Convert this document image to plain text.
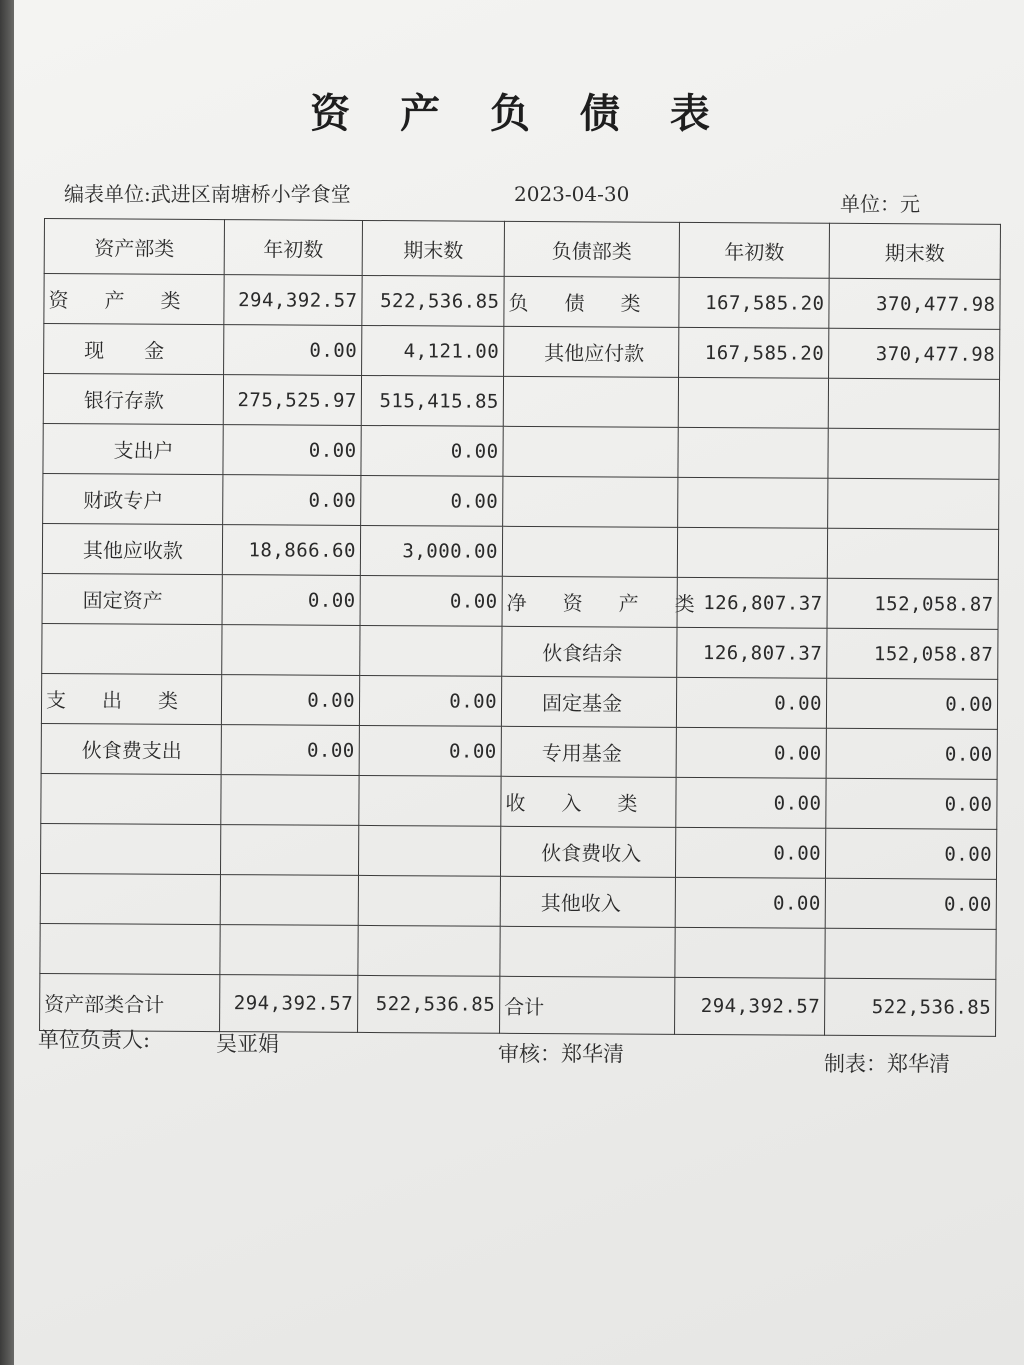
资 产 负 债 表
编表单位:武进区南塘桥小学食堂	2023-04-30	单位：元
资产部类	年初数	期末数	负债部类	年初数	期末数
资　产　类	294,392.57	522,536.85	负　债　类	167,585.20	370,477.98
现　　金	0.00	4,121.00	其他应付款	167,585.20	370,477.98
银行存款	275,525.97	515,415.85			
支出户	0.00	0.00			
财政专户	0.00	0.00			
其他应收款	18,866.60	3,000.00			
固定资产	0.00	0.00	净　资　产　类	126,807.37	152,058.87
			伙食结余	126,807.37	152,058.87
支　出　类	0.00	0.00	固定基金	0.00	0.00
伙食费支出	0.00	0.00	专用基金	0.00	0.00
			收　入　类	0.00	0.00
			伙食费收入	0.00	0.00
			其他收入	0.00	0.00

资产部类合计	294,392.57	522,536.85	合计	294,392.57	522,536.85
单位负责人:	吴亚娟	审核：郑华清	制表：郑华清
